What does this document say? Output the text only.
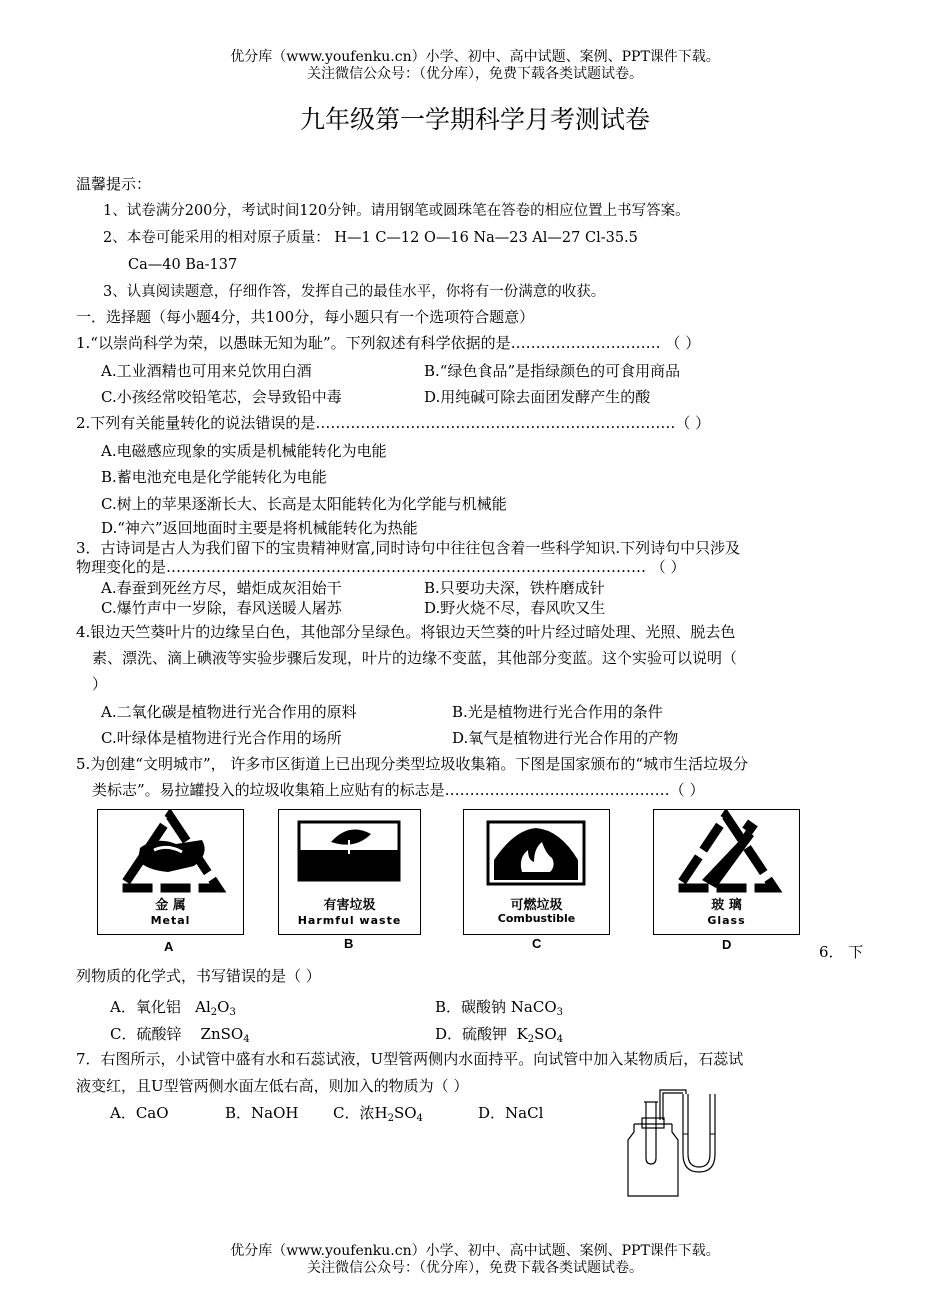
优分库（www.youfenku.cn）小学、初中、高中试题、案例、PPT课件下载。
关注微信公众号：（优分库），免费下载各类试题试卷。
九年级第一学期科学月考测试卷
温馨提示：
1、试卷满分200分，考试时间120分钟。请用钢笔或圆珠笔在答卷的相应位置上书写答案。
2、本卷可能采用的相对原子质量： H—1 C—12 O—16 Na—23 Al—27 Cl-35.5
Ca—40 Ba-137
3、认真阅读题意，仔细作答，发挥自己的最佳水平，你将有一份满意的收获。
一．选择题（每小题4分，共100分，每小题只有一个选项符合题意）
1.“以崇尚科学为荣，以愚昧无知为耻”。下列叙述有科学依据的是………………………… （ ）
A.工业酒精也可用来兑饮用白酒	B.“绿色食品”是指绿颜色的可食用商品
C.小孩经常咬铅笔芯，会导致铅中毒	D.用纯碱可除去面团发酵产生的酸
2.下列有关能量转化的说法错误的是………………………………………………………………（ ）
A.电磁感应现象的实质是机械能转化为电能
B.蓄电池充电是化学能转化为电能
C.树上的苹果逐渐长大、长高是太阳能转化为化学能与机械能
D.“神六”返回地面时主要是将机械能转化为热能
3．古诗词是古人为我们留下的宝贵精神财富,同时诗句中往往包含着一些科学知识.下列诗句中只涉及
物理变化的是…………………………………………………………………………………… （ ）
A.春蚕到死丝方尽，蜡炬成灰泪始干	B.只要功夫深，铁杵磨成针
C.爆竹声中一岁除，春风送暖人屠苏	D.野火烧不尽，春风吹又生
4.银边天竺葵叶片的边缘呈白色，其他部分呈绿色。将银边天竺葵的叶片经过暗处理、光照、脱去色
素、漂洗、滴上碘液等实验步骤后发现，叶片的边缘不变蓝，其他部分变蓝。这个实验可以说明（
）
A.二氧化碳是植物进行光合作用的原料	B.光是植物进行光合作用的条件
C.叶绿体是植物进行光合作用的场所	D.氧气是植物进行光合作用的产物
5.为创建“文明城市”， 许多市区街道上已出现分类型垃圾收集箱。下图是国家颁布的“城市生活垃圾分
类标志”。易拉罐投入的垃圾收集箱上应贴有的标志是………………………………………（ ）
金 属
Metal
A
有害垃圾
Harmful waste
B
可燃垃圾
Combustible
C
玻 璃
Glass
D	6． 下
列物质的化学式，书写错误的是（ ）
A．氧化铝   $Al_2O_3$	B．碳酸钠 NaCO$_3$
C．硫酸锌    ZnSO$_4$	D．硫酸钾  $K_2SO_4$
7．右图所示，小试管中盛有水和石蕊试液，U型管两侧内水面持平。向试管中加入某物质后，石蕊试
液变红，且U型管两侧水面左低右高，则加入的物质为（ ）
A．CaO	B．NaOH C．浓$H_2SO_4$	D．NaCl
优分库（www.youfenku.cn）小学、初中、高中试题、案例、PPT课件下载。
关注微信公众号：（优分库），免费下载各类试题试卷。
